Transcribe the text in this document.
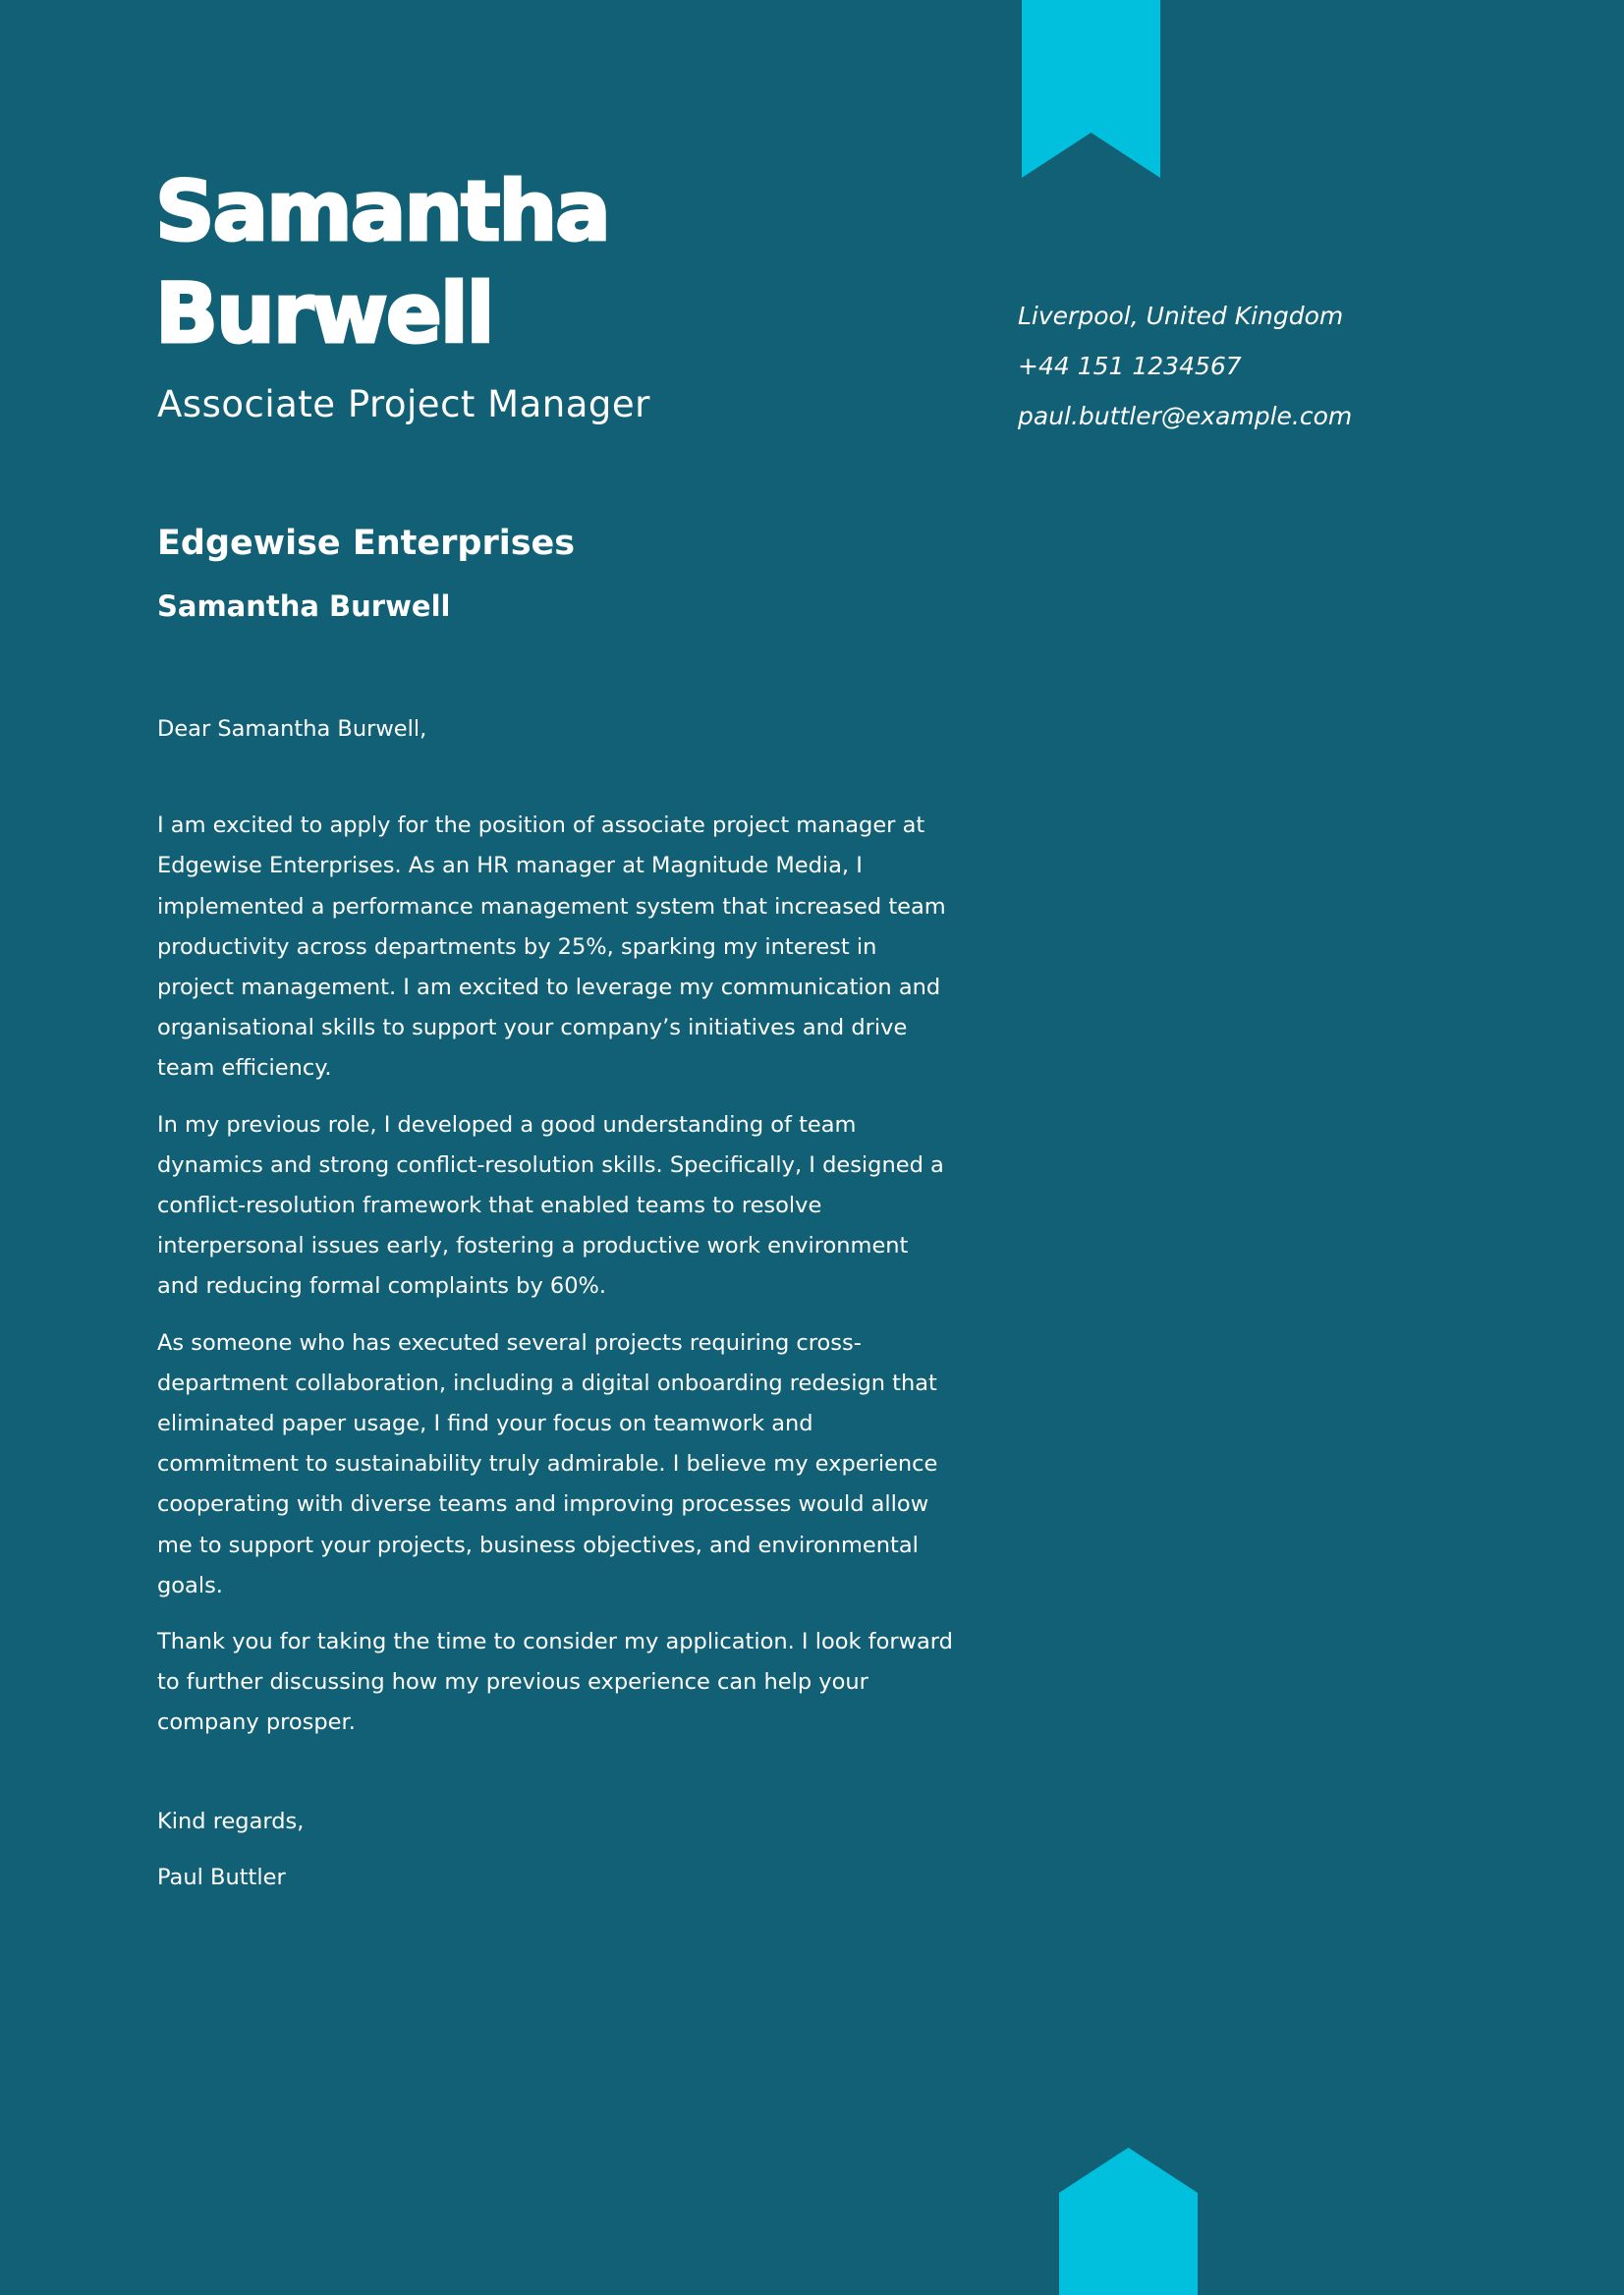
Samantha
Burwell
Associate Project Manager
Liverpool, United Kingdom
+44 151 1234567
paul.buttler@example.com
Edgewise Enterprises
Samantha Burwell

Dear Samantha Burwell,

I am excited to apply for the position of associate project manager at Edgewise Enterprises. As an HR manager at Magnitude Media, I implemented a performance management system that increased team productivity across departments by 25%, sparking my interest in project management. I am excited to leverage my communication and organisational skills to support your company’s initiatives and drive team efficiency.

In my previous role, I developed a good understanding of team dynamics and strong conflict-resolution skills. Specifically, I designed a conflict-resolution framework that enabled teams to resolve interpersonal issues early, fostering a productive work environment and reducing formal complaints by 60%.

As someone who has executed several projects requiring cross-department collaboration, including a digital onboarding redesign that eliminated paper usage, I find your focus on teamwork and commitment to sustainability truly admirable. I believe my experience cooperating with diverse teams and improving processes would allow me to support your projects, business objectives, and environmental goals.

Thank you for taking the time to consider my application. I look forward to further discussing how my previous experience can help your company prosper.

Kind regards,

Paul Buttler
